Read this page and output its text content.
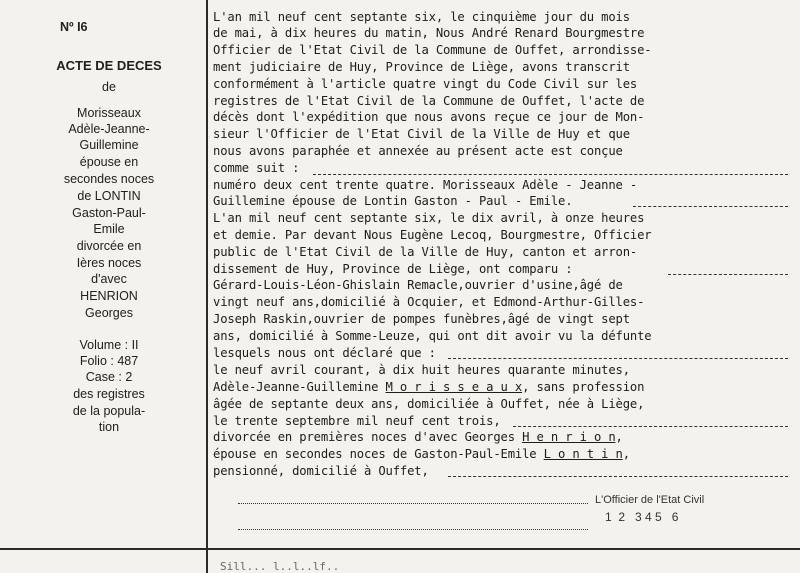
Nº I6
ACTE DE DECES
de
Morisseaux
Adèle-Jeanne-
Guillemine
épouse en
secondes noces
de LONTIN
Gaston-Paul-
Emile
divorcée en
Ières noces
d'avec
HENRION
Georges
Volume : II
Folio : 487
Case : 2
des registres
de la popula-
tion
L'an mil neuf cent septante six, le cinquième jour du mois
de mai, à dix heures du matin, Nous André Renard Bourgmestre
Officier de l'Etat Civil de la Commune de Ouffet, arrondisse-
ment judiciaire de Huy, Province de Liège, avons transcrit
conformément à l'article quatre vingt du Code Civil sur les
registres de l'Etat Civil de la Commune de Ouffet, l'acte de
décès dont l'expédition que nous avons reçue ce jour de Mon-
sieur l'Officier de l'Etat Civil de la Ville de Huy et que
nous avons paraphée et annexée au présent acte est conçue
comme suit :
numéro deux cent trente quatre. Morisseaux Adèle - Jeanne -
Guillemine épouse de Lontin Gaston - Paul - Emile.
L'an mil neuf cent septante six, le dix avril, à onze heures
et demie. Par devant Nous Eugène Lecoq, Bourgmestre, Officier
public de l'Etat Civil de la Ville de Huy, canton et arron-
dissement de Huy, Province de Liège, ont comparu :
Gérard-Louis-Léon-Ghislain Remacle,ouvrier d'usine,âgé de
vingt neuf ans,domicilié à Ocquier, et Edmond-Arthur-Gilles-
Joseph Raskin,ouvrier de pompes funèbres,âgé de vingt sept
ans, domicilié à Somme-Leuze, qui ont dit avoir vu la défunte
lesquels nous ont déclaré que :
le neuf avril courant, à dix huit heures quarante minutes,
Adèle-Jeanne-Guillemine M o r i s s e a u x, sans profession
âgée de septante deux ans, domiciliée à Ouffet, née à Liège,
le trente septembre mil neuf cent trois,
divorcée en premières noces d'avec Georges H e n r i o n,
épouse en secondes noces de Gaston-Paul-Emile L o n t i n,
pensionné, domicilié à Ouffet,
L'Officier de l'Etat Civil
1  2   3 4 5   6
Sill... l..l..lf..
